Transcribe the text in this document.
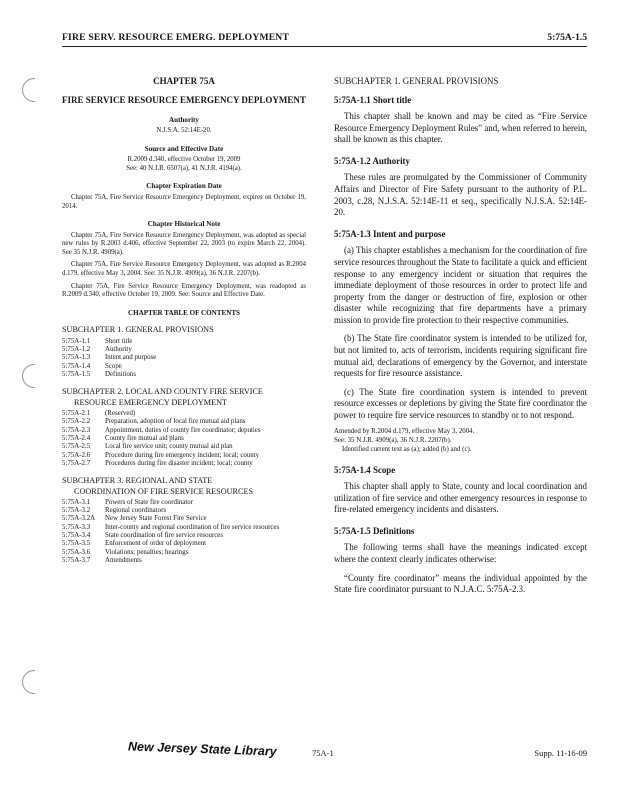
FIRE SERV. RESOURCE EMERG. DEPLOYMENT	5:75A-1.5
CHAPTER 75A
FIRE SERVICE RESOURCE EMERGENCY DEPLOYMENT
Authority

N.J.S.A. 52:14E-20.

Source and Effective Date

R.2009 d.340, effective October 19, 2009

See: 40 N.J.R. 6507(a), 41 N.J.R. 4194(a).

Chapter Expiration Date

Chapter 75A, Fire Service Resource Emergency Deployment, expires on October 19, 2014.

Chapter Historical Note

Chapter 75A, Fire Service Resource Emergency Deployment, was adopted as special new rules by R.2003 d.406, effective September 22, 2003 (to expire March 22, 2004). See 35 N.J.R. 4909(a).

Chapter 75A, Fire Service Resource Emergency Deployment, was adopted as R.2004 d.179, effective May 3, 2004. See: 35 N.J.R. 4909(a), 36 N.J.R. 2207(b).

Chapter 75A, Fire Service Resource Emergency Deployment, was readopted as R.2009 d.340, effective October 19, 2009. See: Source and Effective Date.

CHAPTER TABLE OF CONTENTS
SUBCHAPTER 1. GENERAL PROVISIONS
5:75A-1.1	Short title
5:75A-1.2	Authority
5:75A-1.3	Intent and purpose
5:75A-1.4	Scope
5:75A-1.5	Definitions
SUBCHAPTER 2. LOCAL AND COUNTY FIRE SERVICE
RESOURCE EMERGENCY DEPLOYMENT
5:75A-2.1	(Reserved)
5:75A-2.2	Preparation, adoption of local fire mutual aid plans
5:75A-2.3	Appointment, duties of county fire coordinator; deputies
5:75A-2.4	County fire mutual aid plans
5:75A-2.5	Local fire service unit; county mutual aid plan
5:75A-2.6	Procedure during fire emergency incident; local; county
5:75A-2.7	Procedures during fire disaster incident; local; county
SUBCHAPTER 3. REGIONAL AND STATE
COORDINATION OF FIRE SERVICE RESOURCES
5:75A-3.1	Powers of State fire coordinator
5:75A-3.2	Regional coordinators
5:75A-3.2A	New Jersey State Forest Fire Service
5:75A-3.3	Inter-county and regional coordination of fire service resources
5:75A-3.4	State coordination of fire service resources
5:75A-3.5	Enforcement of order of deployment
5:75A-3.6	Violations; penalties; hearings
5:75A-3.7	Amendments
SUBCHAPTER 1. GENERAL PROVISIONS
5:75A-1.1 Short title

This chapter shall be known and may be cited as “Fire Service Resource Emergency Deployment Rules” and, when referred to herein, shall be known as this chapter.

5:75A-1.2 Authority

These rules are promulgated by the Commissioner of Community Affairs and Director of Fire Safety pursuant to the authority of P.L. 2003, c.28, N.J.S.A. 52:14E-11 et seq., specifically N.J.S.A. 52:14E-20.

5:75A-1.3 Intent and purpose

(a) This chapter establishes a mechanism for the coordination of fire service resources throughout the State to facilitate a quick and efficient response to any emergency incident or situation that requires the immediate deployment of those resources in order to protect life and property from the danger or destruction of fire, explosion or other disaster while recognizing that fire departments have a primary mission to provide fire protection to their respective communities.

(b) The State fire coordinator system is intended to be utilized for, but not limited to, acts of terrorism, incidents requiring significant fire mutual aid, declarations of emergency by the Governor, and interstate requests for fire resource assistance.

(c) The State fire coordination system is intended to prevent resource excesses or depletions by giving the State fire coordinator the power to require fire service resources to standby or to not respond.

Amended by R.2004 d.179, effective May 3, 2004.
See: 35 N.J.R. 4909(a), 36 N.J.R. 2207(b).
Identified current text as (a); added (b) and (c).
5:75A-1.4 Scope

This chapter shall apply to State, county and local coordination and utilization of fire service and other emergency resources in response to fire-related emergency incidents and disasters.

5:75A-1.5 Definitions

The following terms shall have the meanings indicated except where the context clearly indicates otherwise:

“County fire coordinator” means the individual appointed by the State fire coordinator pursuant to N.J.A.C. 5:75A-2.3.

New Jersey State Library	75A-1	Supp. 11-16-09
